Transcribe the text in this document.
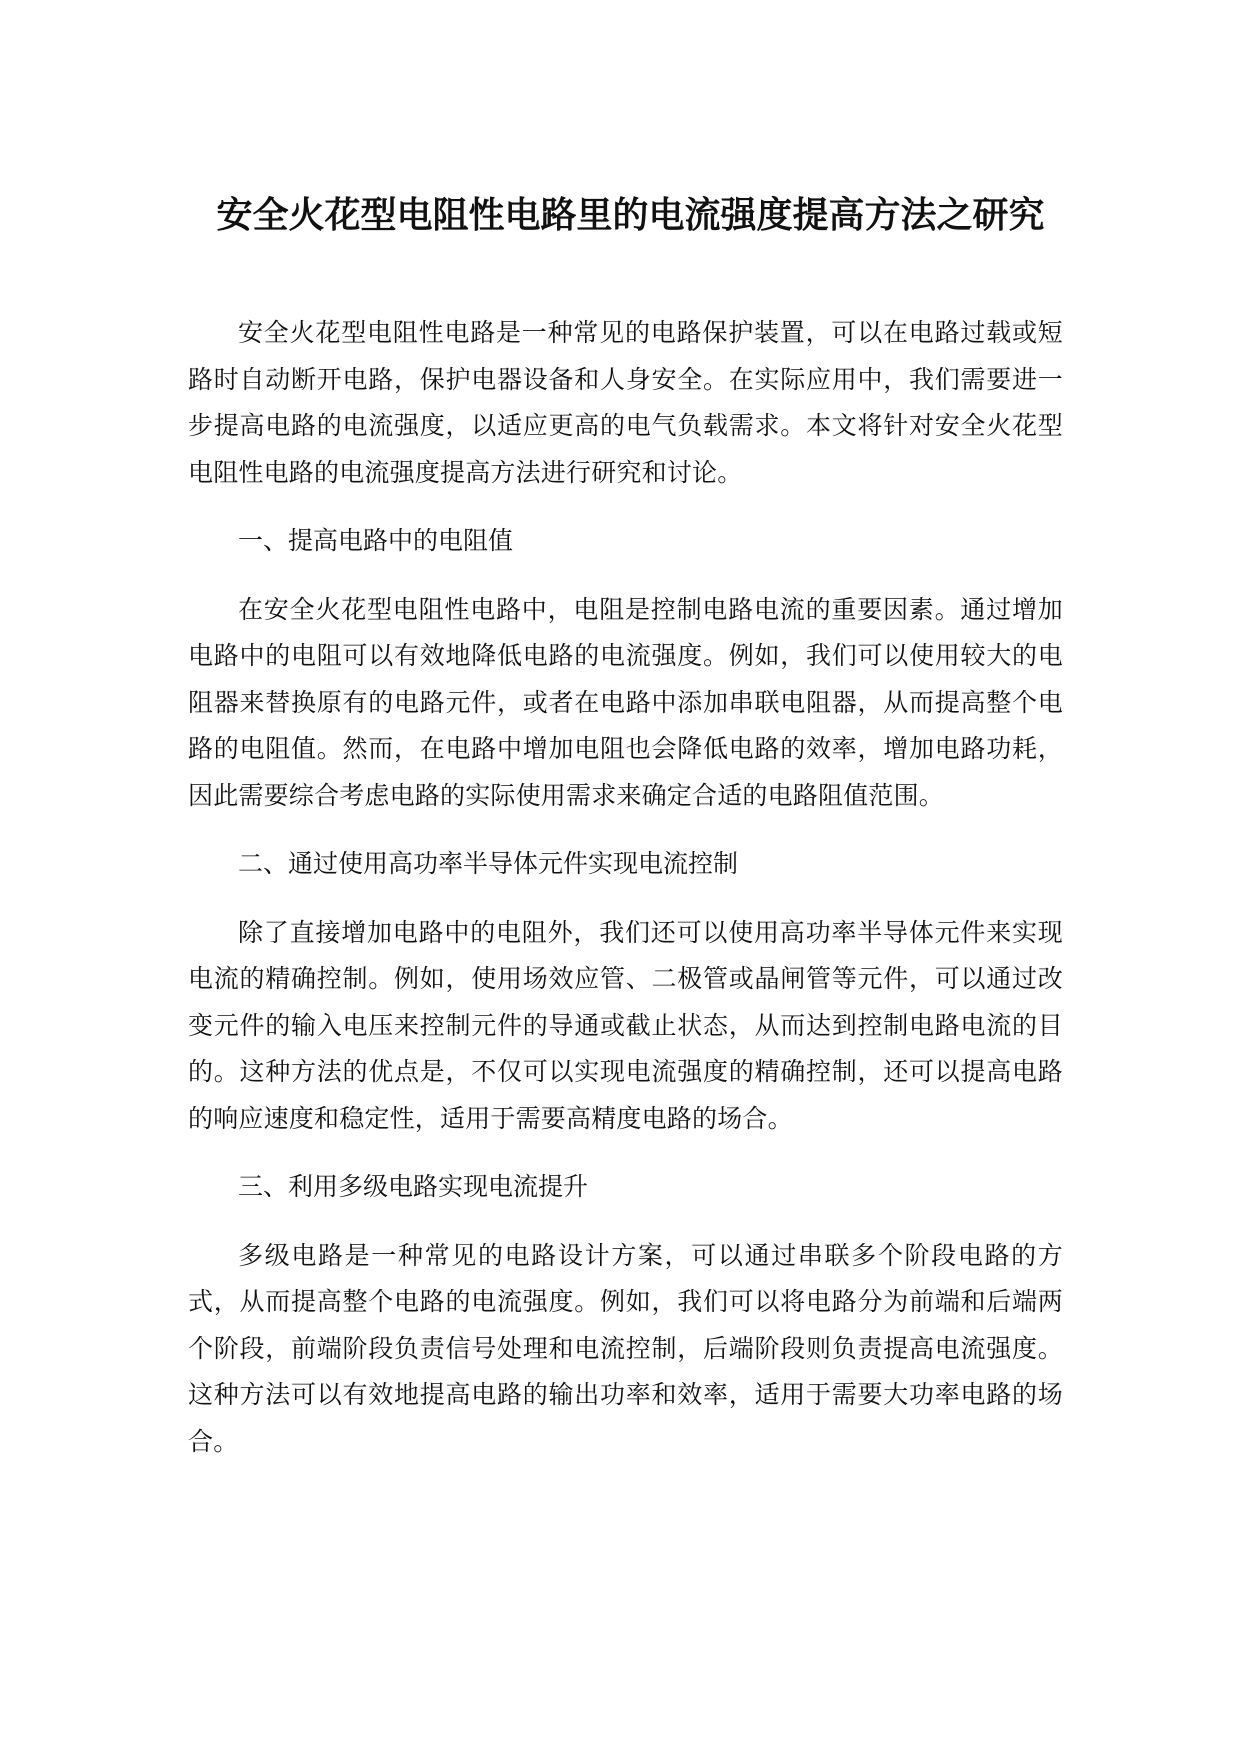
安全火花型电阻性电路里的电流强度提高方法之研究

安全火花型电阻性电路是一种常见的电路保护装置，可以在电路过载或短路时自动断开电路，保护电器设备和人身安全。在实际应用中，我们需要进一步提高电路的电流强度，以适应更高的电气负载需求。本文将针对安全火花型电阻性电路的电流强度提高方法进行研究和讨论。

一、提高电路中的电阻值

在安全火花型电阻性电路中，电阻是控制电路电流的重要因素。通过增加电路中的电阻可以有效地降低电路的电流强度。例如，我们可以使用较大的电阻器来替换原有的电路元件，或者在电路中添加串联电阻器，从而提高整个电路的电阻值。然而，在电路中增加电阻也会降低电路的效率，增加电路功耗，因此需要综合考虑电路的实际使用需求来确定合适的电路阻值范围。

二、通过使用高功率半导体元件实现电流控制

除了直接增加电路中的电阻外，我们还可以使用高功率半导体元件来实现电流的精确控制。例如，使用场效应管、二极管或晶闸管等元件，可以通过改变元件的输入电压来控制元件的导通或截止状态，从而达到控制电路电流的目的。这种方法的优点是，不仅可以实现电流强度的精确控制，还可以提高电路的响应速度和稳定性，适用于需要高精度电路的场合。

三、利用多级电路实现电流提升

多级电路是一种常见的电路设计方案，可以通过串联多个阶段电路的方式，从而提高整个电路的电流强度。例如，我们可以将电路分为前端和后端两个阶段，前端阶段负责信号处理和电流控制，后端阶段则负责提高电流强度。这种方法可以有效地提高电路的输出功率和效率，适用于需要大功率电路的场合。
